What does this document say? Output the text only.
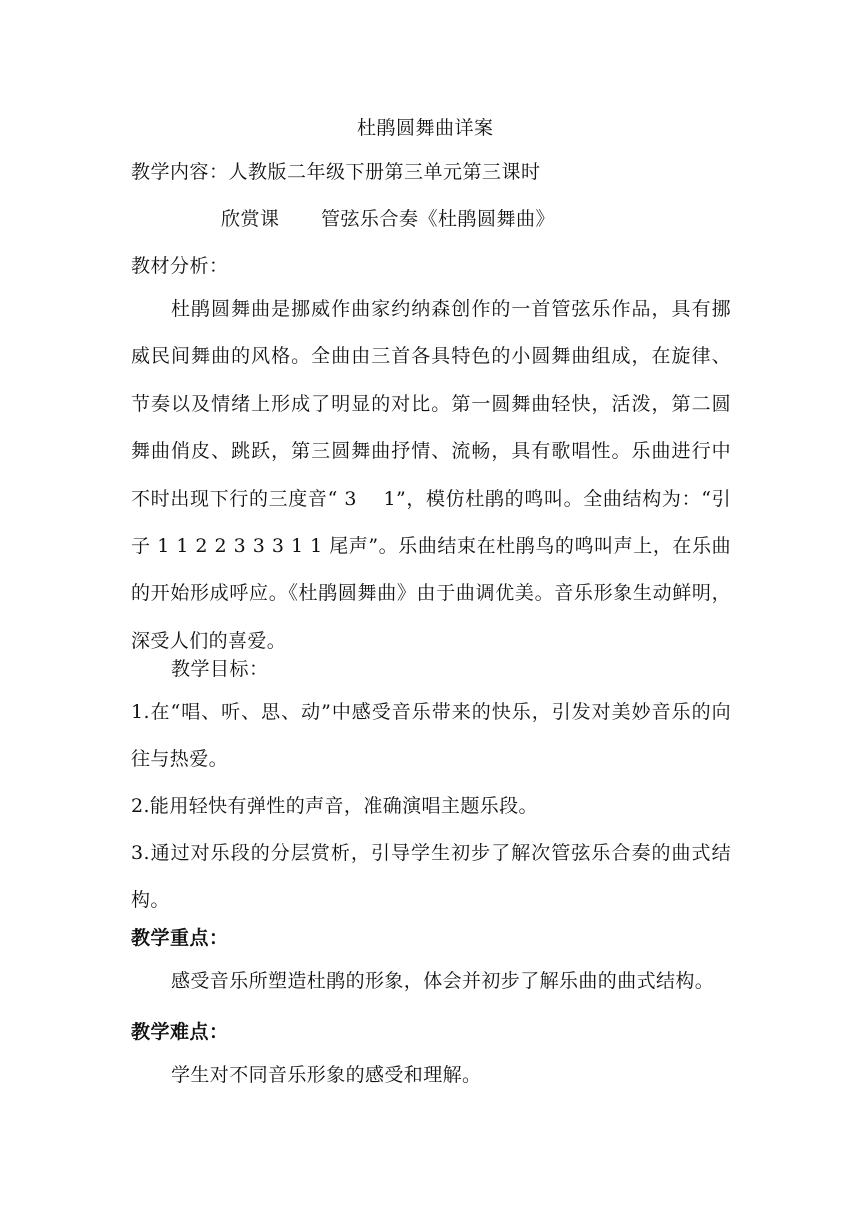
杜鹃圆舞曲详案
教学内容：人教版二年级下册第三单元第三课时
欣赏课 管弦乐合奏《杜鹃圆舞曲》
教材分析：
杜鹃圆舞曲是挪威作曲家约纳森创作的一首管弦乐作品，具有挪威民间舞曲的风格。全曲由三首各具特色的小圆舞曲组成，在旋律、节奏以及情绪上形成了明显的对比。第一圆舞曲轻快，活泼，第二圆舞曲俏皮、跳跃，第三圆舞曲抒情、流畅，具有歌唱性。乐曲进行中不时出现下行的三度音“ 3　 1”，模仿杜鹃的鸣叫。全曲结构为：“引子 1 1 2 2 3 3 3 1 1 尾声”。乐曲结束在杜鹃鸟的鸣叫声上，在乐曲的开始形成呼应。《杜鹃圆舞曲》由于曲调优美。音乐形象生动鲜明，深受人们的喜爱。
教学目标：
1.在“唱、听、思、动”中感受音乐带来的快乐，引发对美妙音乐的向往与热爱。
2.能用轻快有弹性的声音，准确演唱主题乐段。
3.通过对乐段的分层赏析，引导学生初步了解次管弦乐合奏的曲式结构。
教学重点：
感受音乐所塑造杜鹃的形象，体会并初步了解乐曲的曲式结构。
教学难点：
学生对不同音乐形象的感受和理解。
